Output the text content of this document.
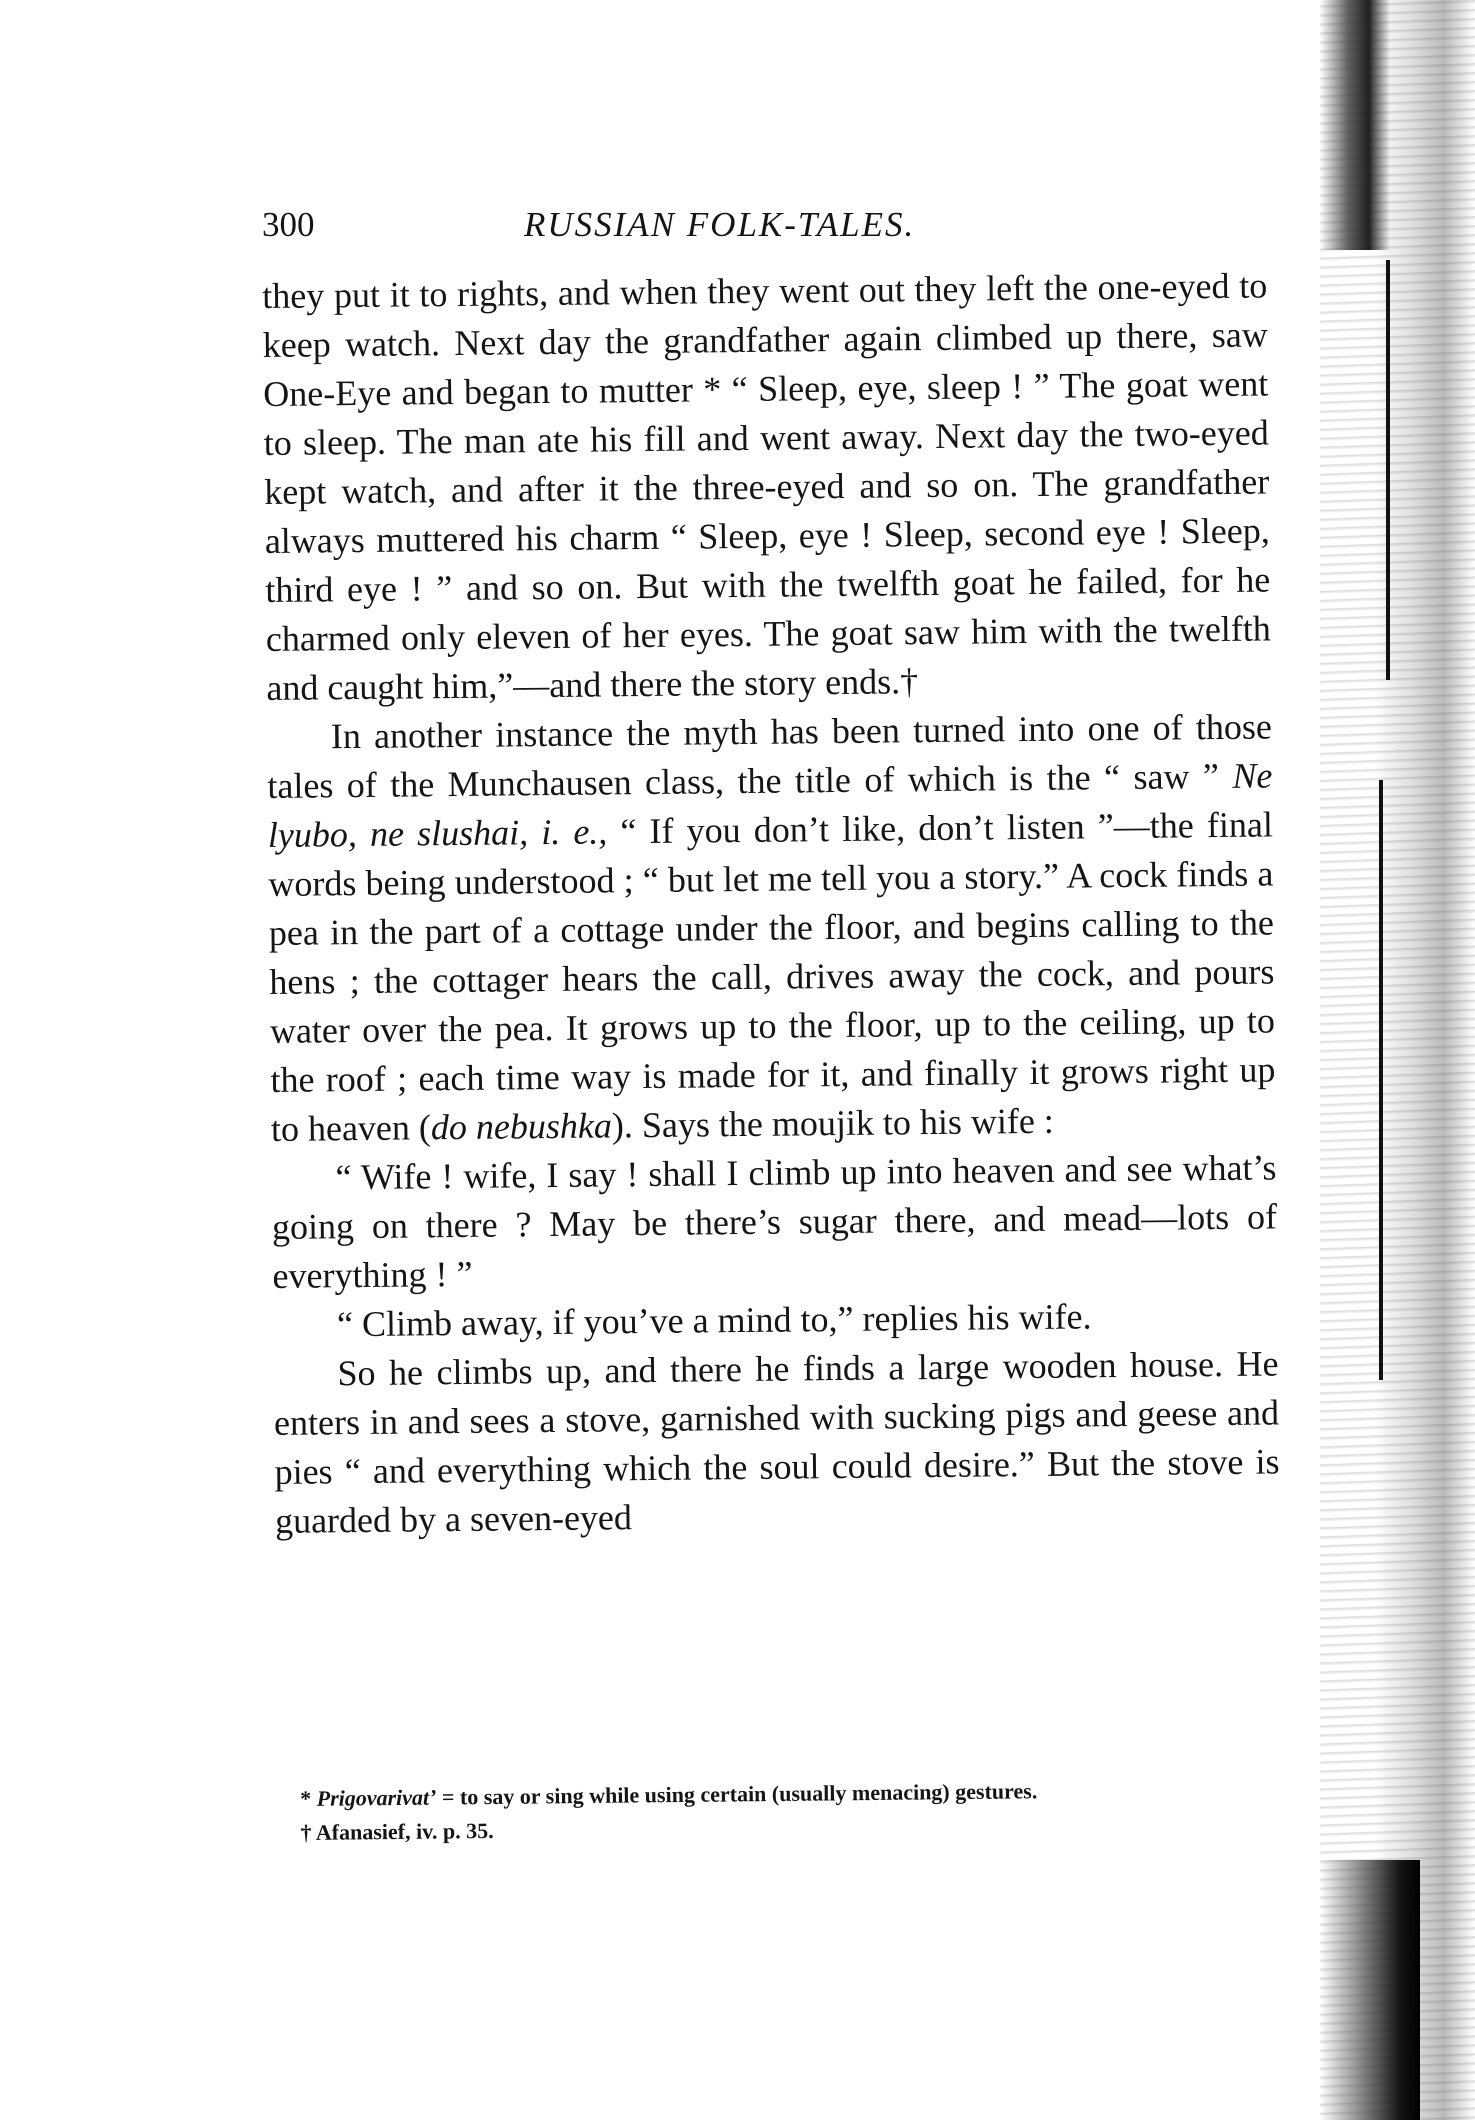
300	RUSSIAN FOLK-TALES.

they put it to rights, and when they went out they left the one-eyed to keep watch. Next day the grandfather again climbed up there, saw One-Eye and began to mutter * “ Sleep, eye, sleep ! ” The goat went to sleep. The man ate his fill and went away. Next day the two-eyed kept watch, and after it the three-eyed and so on. The grandfather always muttered his charm “ Sleep, eye ! Sleep, second eye ! Sleep, third eye ! ” and so on. But with the twelfth goat he failed, for he charmed only eleven of her eyes. The goat saw him with the twelfth and caught him,”—and there the story ends.†

In another instance the myth has been turned into one of those tales of the Munchausen class, the title of which is the “ saw ” Ne lyubo, ne slushai, i. e., “ If you don’t like, don’t listen ”—the final words being understood ; “ but let me tell you a story.” A cock finds a pea in the part of a cottage under the floor, and begins calling to the hens ; the cottager hears the call, drives away the cock, and pours water over the pea. It grows up to the floor, up to the ceiling, up to the roof ; each time way is made for it, and finally it grows right up to heaven (do nebushka). Says the moujik to his wife :

“ Wife ! wife, I say ! shall I climb up into heaven and see what’s going on there ? May be there’s sugar there, and mead—lots of everything ! ”

“ Climb away, if you’ve a mind to,” replies his wife.

So he climbs up, and there he finds a large wooden house. He enters in and sees a stove, garnished with sucking pigs and geese and pies “ and everything which the soul could desire.” But the stove is guarded by a seven-eyed

* Prigovarivat’ = to say or sing while using certain (usually menacing) gestures.
† Afanasief, iv. p. 35.
